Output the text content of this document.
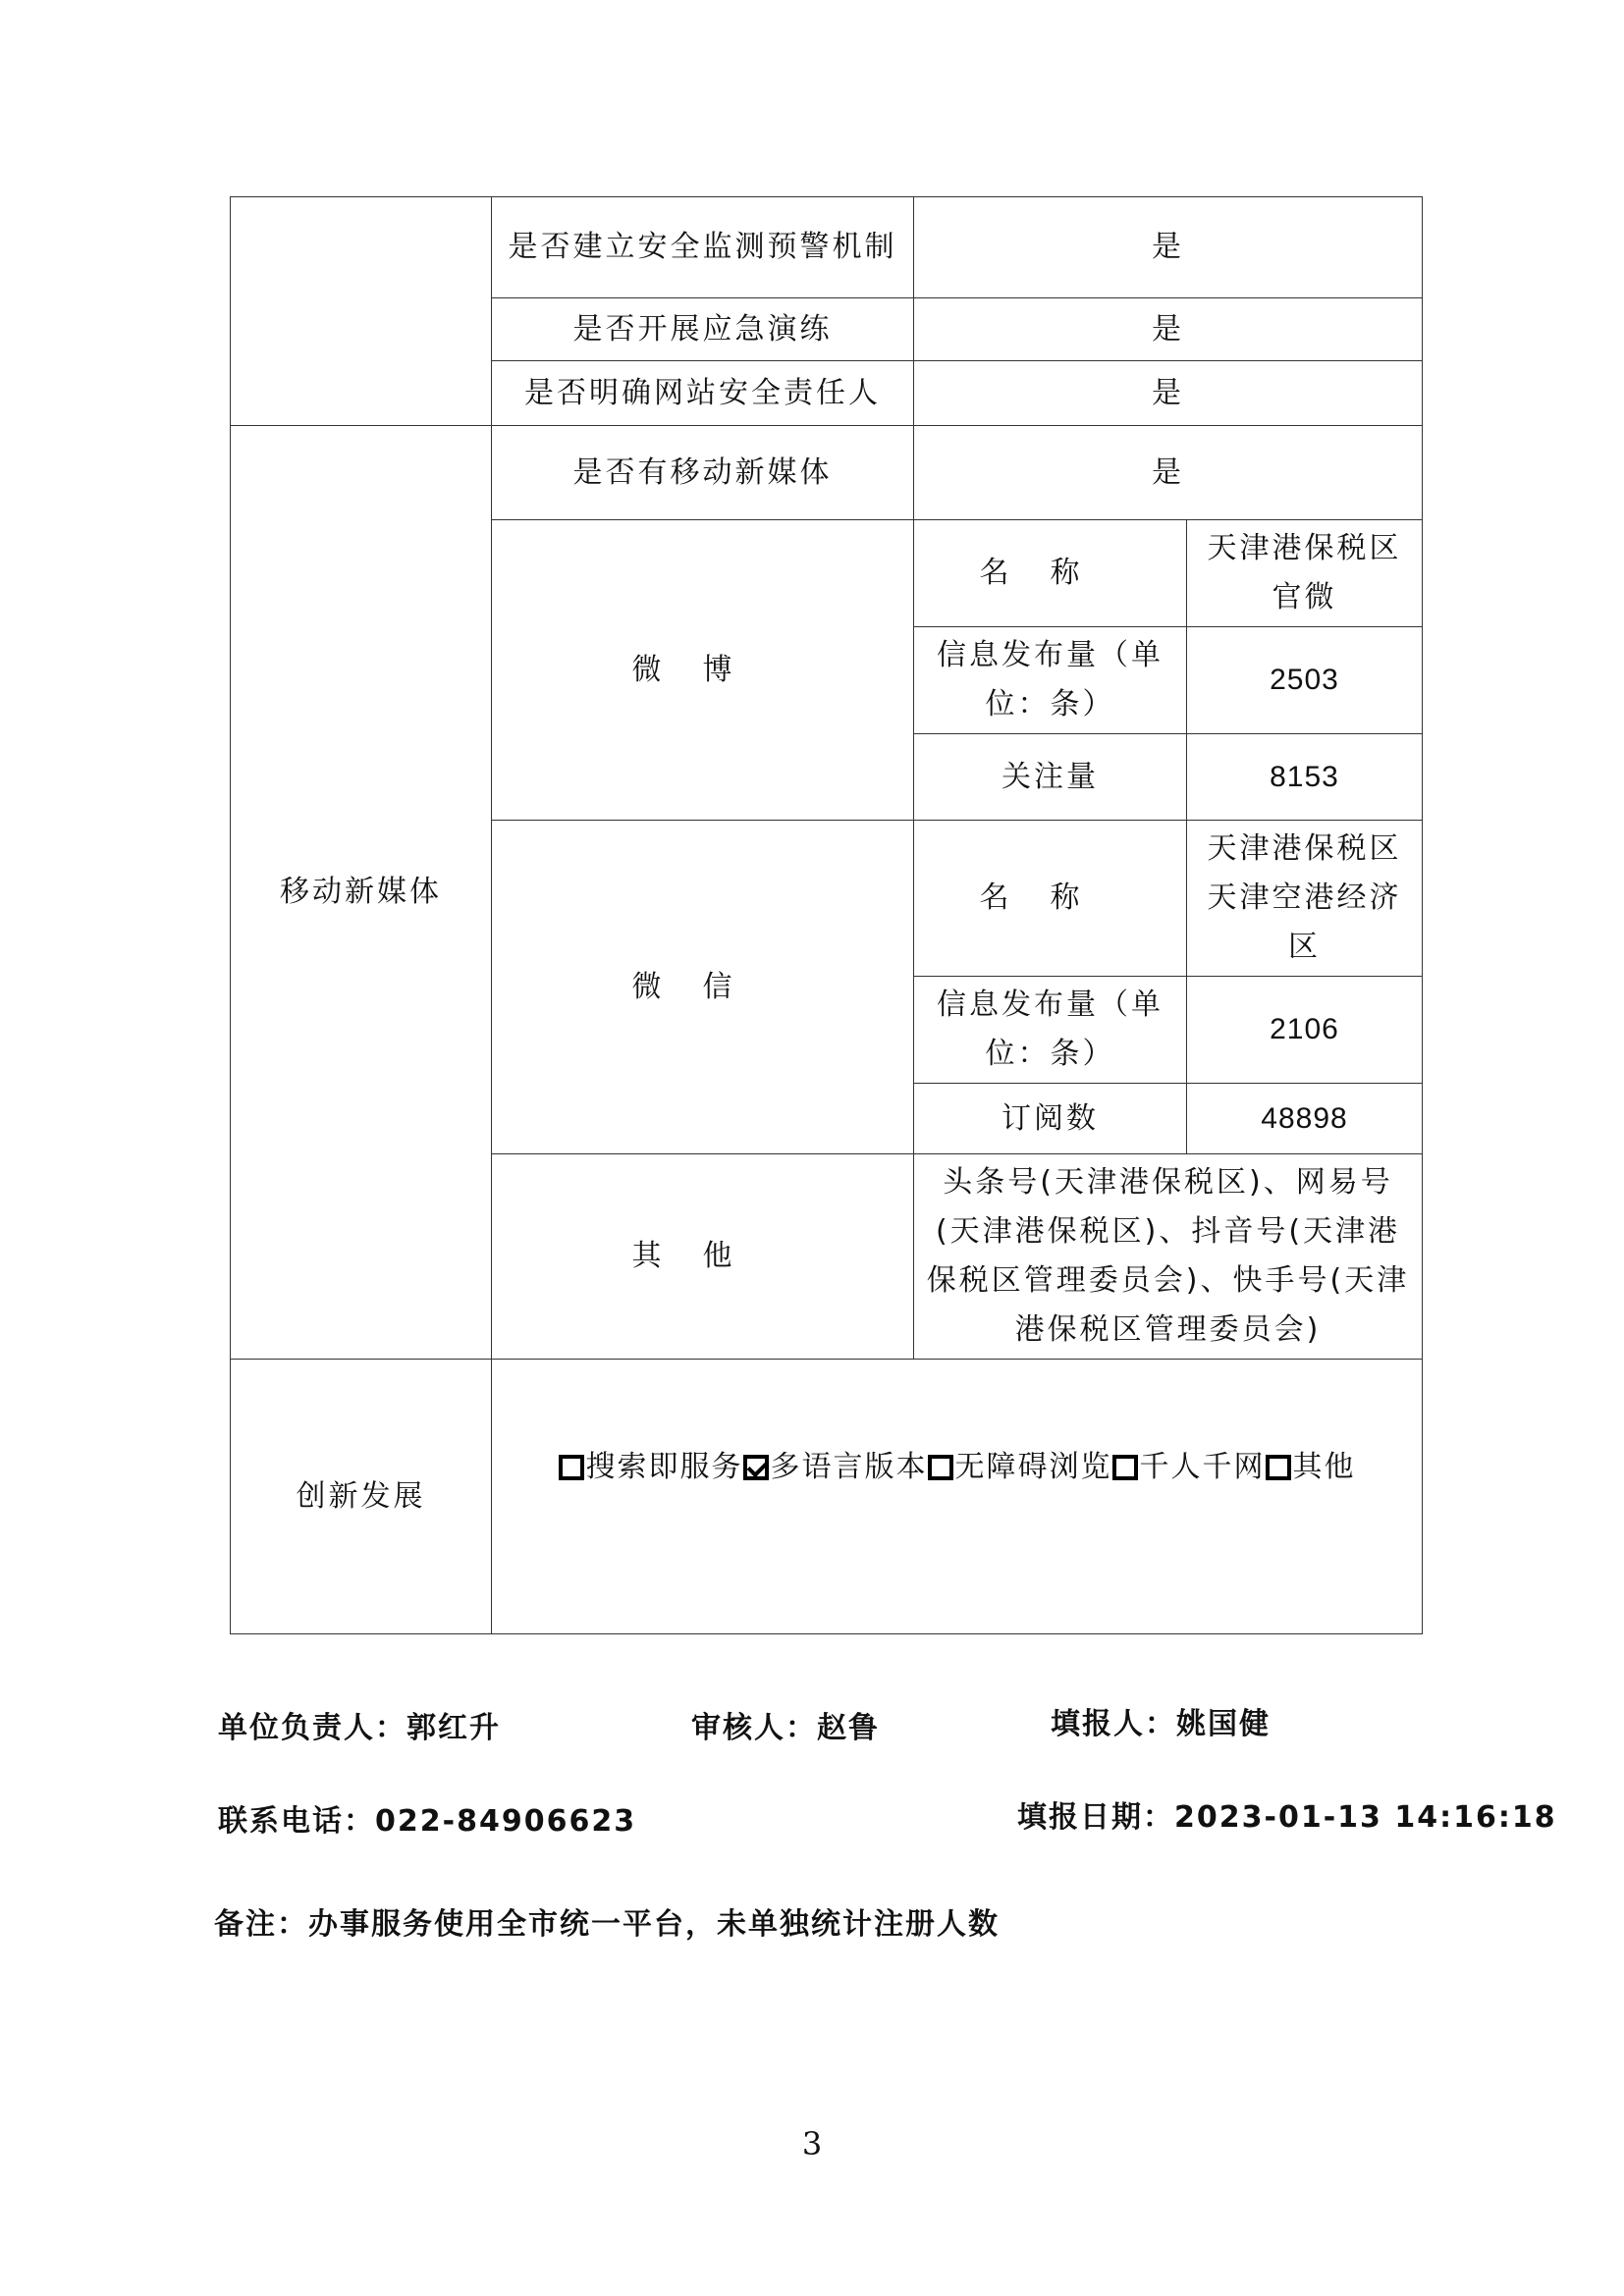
	是否建立安全监测预警机制	是	
	是否开展应急演练	是	
	是否明确网站安全责任人	是	
移动新媒体	是否有移动新媒体	是	
	微博	名称	天津港保税区官微
		信息发布量（单位：条）	2503
		关注量	8153
	微信	名称	天津港保税区天津空港经济区
		信息发布量（单位：条）	2106
		订阅数	48898
	其他	头条号(天津港保税区)、网易号(天津港保税区)、抖音号(天津港保税区管理委员会)、快手号(天津港保税区管理委员会)	
创新发展	搜索即服务 多语言版本 无障碍浏览 千人千网 其他		
单位负责人：郭红升	审核人：赵鲁	填报人：姚国健
联系电话：022-84906623	填报日期：2023-01-13 14:16:18
备注：办事服务使用全市统一平台，未单独统计注册人数
3
